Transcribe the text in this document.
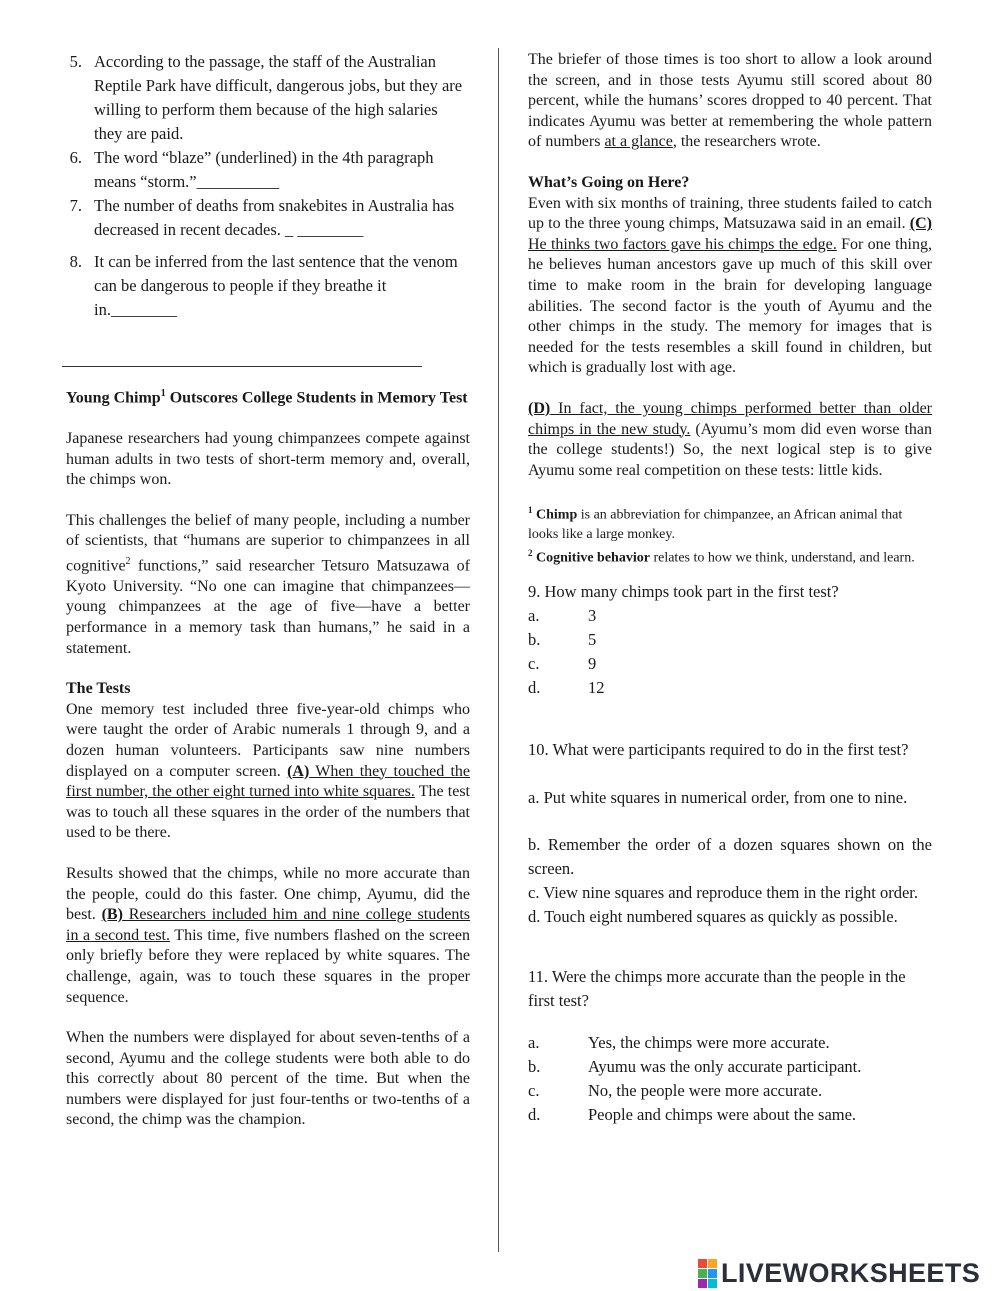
5. According to the passage, the staff of the Australian Reptile Park have difficult, dangerous jobs, but they are willing to perform them because of the high salaries they are paid.
6. The word “blaze” (underlined) in the 4th paragraph means “storm.”__________
7. The number of deaths from snakebites in Australia has decreased in recent decades. _ ________
8. It can be inferred from the last sentence that the venom can be dangerous to people if they breathe it in.________

Young Chimp$^1$ Outscores College Students in Memory Test

Japanese researchers had young chimpanzees compete against human adults in two tests of short-term memory and, overall, the chimps won.

This challenges the belief of many people, including a number of scientists, that “humans are superior to chimpanzees in all cognitive$^2$ functions,” said researcher Tetsuro Matsuzawa of Kyoto University. “No one can imagine that chimpanzees—young chimpanzees at the age of five—have a better performance in a memory task than humans,” he said in a statement.

The Tests

One memory test included three five-year-old chimps who were taught the order of Arabic numerals 1 through 9, and a dozen human volunteers. Participants saw nine numbers displayed on a computer screen. (A) When they touched the first number, the other eight turned into white squares. The test was to touch all these squares in the order of the numbers that used to be there.

Results showed that the chimps, while no more accurate than the people, could do this faster. One chimp, Ayumu, did the best. (B) Researchers included him and nine college students in a second test. This time, five numbers flashed on the screen only briefly before they were replaced by white squares. The challenge, again, was to touch these squares in the proper sequence.

When the numbers were displayed for about seven-tenths of a second, Ayumu and the college students were both able to do this correctly about 80 percent of the time. But when the numbers were displayed for just four-tenths or two-tenths of a second, the chimp was the champion.

The briefer of those times is too short to allow a look around the screen, and in those tests Ayumu still scored about 80 percent, while the humans’ scores dropped to 40 percent. That indicates Ayumu was better at remembering the whole pattern of numbers at a glance, the researchers wrote.

What’s Going on Here?

Even with six months of training, three students failed to catch up to the three young chimps, Matsuzawa said in an email. (C) He thinks two factors gave his chimps the edge. For one thing, he believes human ancestors gave up much of this skill over time to make room in the brain for developing language abilities. The second factor is the youth of Ayumu and the other chimps in the study. The memory for images that is needed for the tests resembles a skill found in children, but which is gradually lost with age.

(D) In fact, the young chimps performed better than older chimps in the new study. (Ayumu’s mom did even worse than the college students!) So, the next logical step is to give Ayumu some real competition on these tests: little kids.

$^1$ Chimp is an abbreviation for chimpanzee, an African animal that looks like a large monkey.

$^2$ Cognitive behavior relates to how we think, understand, and learn.

9. How many chimps took part in the first test?

a.	3
b.	5
c.	9
d.	12

10. What were participants required to do in the first test?

a. Put white squares in numerical order, from one to nine.

b. Remember the order of a dozen squares shown on the screen.

c. View nine squares and reproduce them in the right order.

d. Touch eight numbered squares as quickly as possible.

11. Were the chimps more accurate than the people in the first test?

a.	Yes, the chimps were more accurate.
b.	Ayumu was the only accurate participant.
c.	No, the people were more accurate.
d.	People and chimps were about the same.
LIVEWORKSHEETS
